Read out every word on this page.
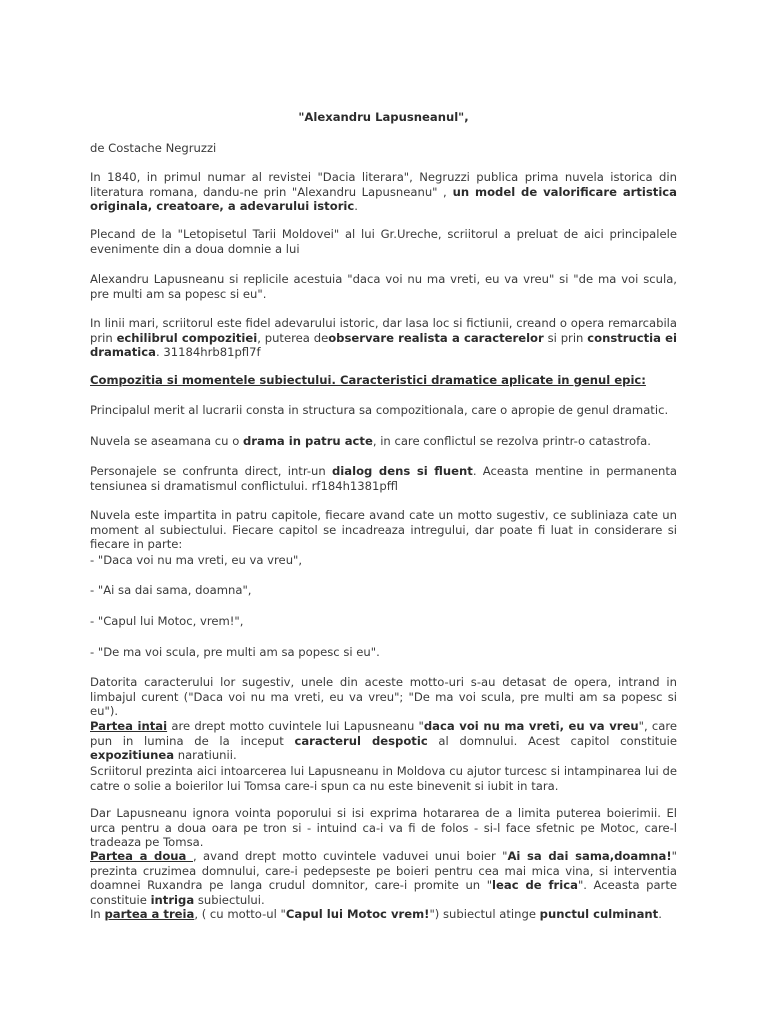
"Alexandru Lapusneanul",

de Costache Negruzzi

In 1840, in primul numar al revistei "Dacia literara", Negruzzi publica prima nuvela istorica din literatura romana, dandu-ne prin "Alexandru Lapusneanu" , un model de valorificare artistica originala, creatoare, a adevarului istoric.

Plecand de la "Letopisetul Tarii Moldovei" al lui Gr.Ureche, scriitorul a preluat de aici principalele evenimente din a doua domnie a lui

Alexandru Lapusneanu si replicile acestuia "daca voi nu ma vreti, eu va vreu" si "de ma voi scula, pre multi am sa popesc si eu".

In linii mari, scriitorul este fidel adevarului istoric, dar lasa loc si fictiunii, creand o opera remarcabila prin echilibrul compozitiei, puterea deobservare realista a caracterelor si prin constructia ei dramatica. 31184hrb81pfl7f

Compozitia si momentele subiectului. Caracteristici dramatice aplicate in genul epic:

Principalul merit al lucrarii consta in structura sa compozitionala, care o apropie de genul dramatic.

Nuvela se aseamana cu o drama in patru acte, in care conflictul se rezolva printr-o catastrofa.

Personajele se confrunta direct, intr-un dialog dens si fluent. Aceasta mentine in permanenta tensiunea si dramatismul conflictului. rf184h1381pffl

Nuvela este impartita in patru capitole, fiecare avand cate un motto sugestiv, ce subliniaza cate un moment al subiectului. Fiecare capitol se incadreaza intregului, dar poate fi luat in considerare si fiecare in parte:

- "Daca voi nu ma vreti, eu va vreu",

- "Ai sa dai sama, doamna",

- "Capul lui Motoc, vrem!",

- "De ma voi scula, pre multi am sa popesc si eu".

Datorita caracterului lor sugestiv, unele din aceste motto-uri s-au detasat de opera, intrand in limbajul curent ("Daca voi nu ma vreti, eu va vreu"; "De ma voi scula, pre multi am sa popesc si eu").

Partea intai are drept motto cuvintele lui Lapusneanu "daca voi nu ma vreti, eu va vreu", care pun in lumina de la inceput caracterul despotic al domnului. Acest capitol constituie expozitiunea naratiunii.

Scriitorul prezinta aici intoarcerea lui Lapusneanu in Moldova cu ajutor turcesc si intampinarea lui de catre o solie a boierilor lui Tomsa care-i spun ca nu este binevenit si iubit in tara.

Dar Lapusneanu ignora vointa poporului si isi exprima hotararea de a limita puterea boierimii. El urca pentru a doua oara pe tron si - intuind ca-i va fi de folos - si-l face sfetnic pe Motoc, care-l tradeaza pe Tomsa.

Partea a doua , avand drept motto cuvintele vaduvei unui boier "Ai sa dai sama,doamna!" prezinta cruzimea domnului, care-i pedepseste pe boieri pentru cea mai mica vina, si interventia doamnei Ruxandra pe langa crudul domnitor, care-i promite un "leac de frica". Aceasta parte constituie intriga subiectului.

In partea a treia, ( cu motto-ul "Capul lui Motoc vrem!") subiectul atinge punctul culminant.
